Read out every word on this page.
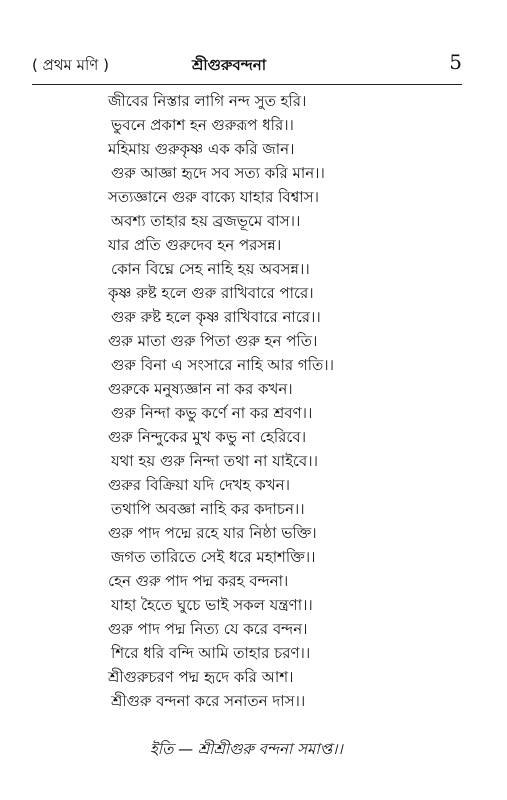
( প্রথম মণি )	শ্রীগুরুবন্দনা	5
জীবের নিস্তার লাগি নন্দ সুত হরি।
ভুবনে প্রকাশ হন গুরুরূপ ধরি।।
মহিমায় গুরুকৃষ্ণ এক করি জান।
গুরু আজ্ঞা হৃদে সব সত্য করি মান।।
সত্যজ্ঞানে গুরু বাক্যে যাহার বিশ্বাস।
অবশ্য তাহার হয় ব্রজভূমে বাস।।
যার প্রতি গুরুদেব হন পরসন্ন।
কোন বিঘ্নে সেহ নাহি হয় অবসন্ন।।
কৃষ্ণ রুষ্ট হলে গুরু রাখিবারে পারে।
গুরু রুষ্ট হলে কৃষ্ণ রাখিবারে নারে।।
গুরু মাতা গুরু পিতা গুরু হন পতি।
গুরু বিনা এ সংসারে নাহি আর গতি।।
গুরুকে মনুষ্যজ্ঞান না কর কখন।
গুরু নিন্দা কভু কর্ণে না কর শ্রবণ।।
গুরু নিন্দুকের মুখ কভু না হেরিবে।
যথা হয় গুরু নিন্দা তথা না যাইবে।।
গুরুর বিক্রিয়া যদি দেখহ কখন।
তথাপি অবজ্ঞা নাহি কর কদাচন।।
গুরু পাদ পদ্মে রহে যার নিষ্ঠা ভক্তি।
জগত তারিতে সেই ধরে মহাশক্তি।।
হেন গুরু পাদ পদ্ম করহ বন্দনা।
যাহা হৈতে ঘুচে ভাই সকল যন্ত্রণা।।
গুরু পাদ পদ্ম নিত্য যে করে বন্দন।
শিরে ধরি বন্দি আমি তাহার চরণ।।
শ্রীগুরুচরণ পদ্ম হৃদে করি আশ।
শ্রীগুরু বন্দনা করে সনাতন দাস।।
ইতি — শ্রীশ্রীগুরু বন্দনা সমাপ্ত।।
